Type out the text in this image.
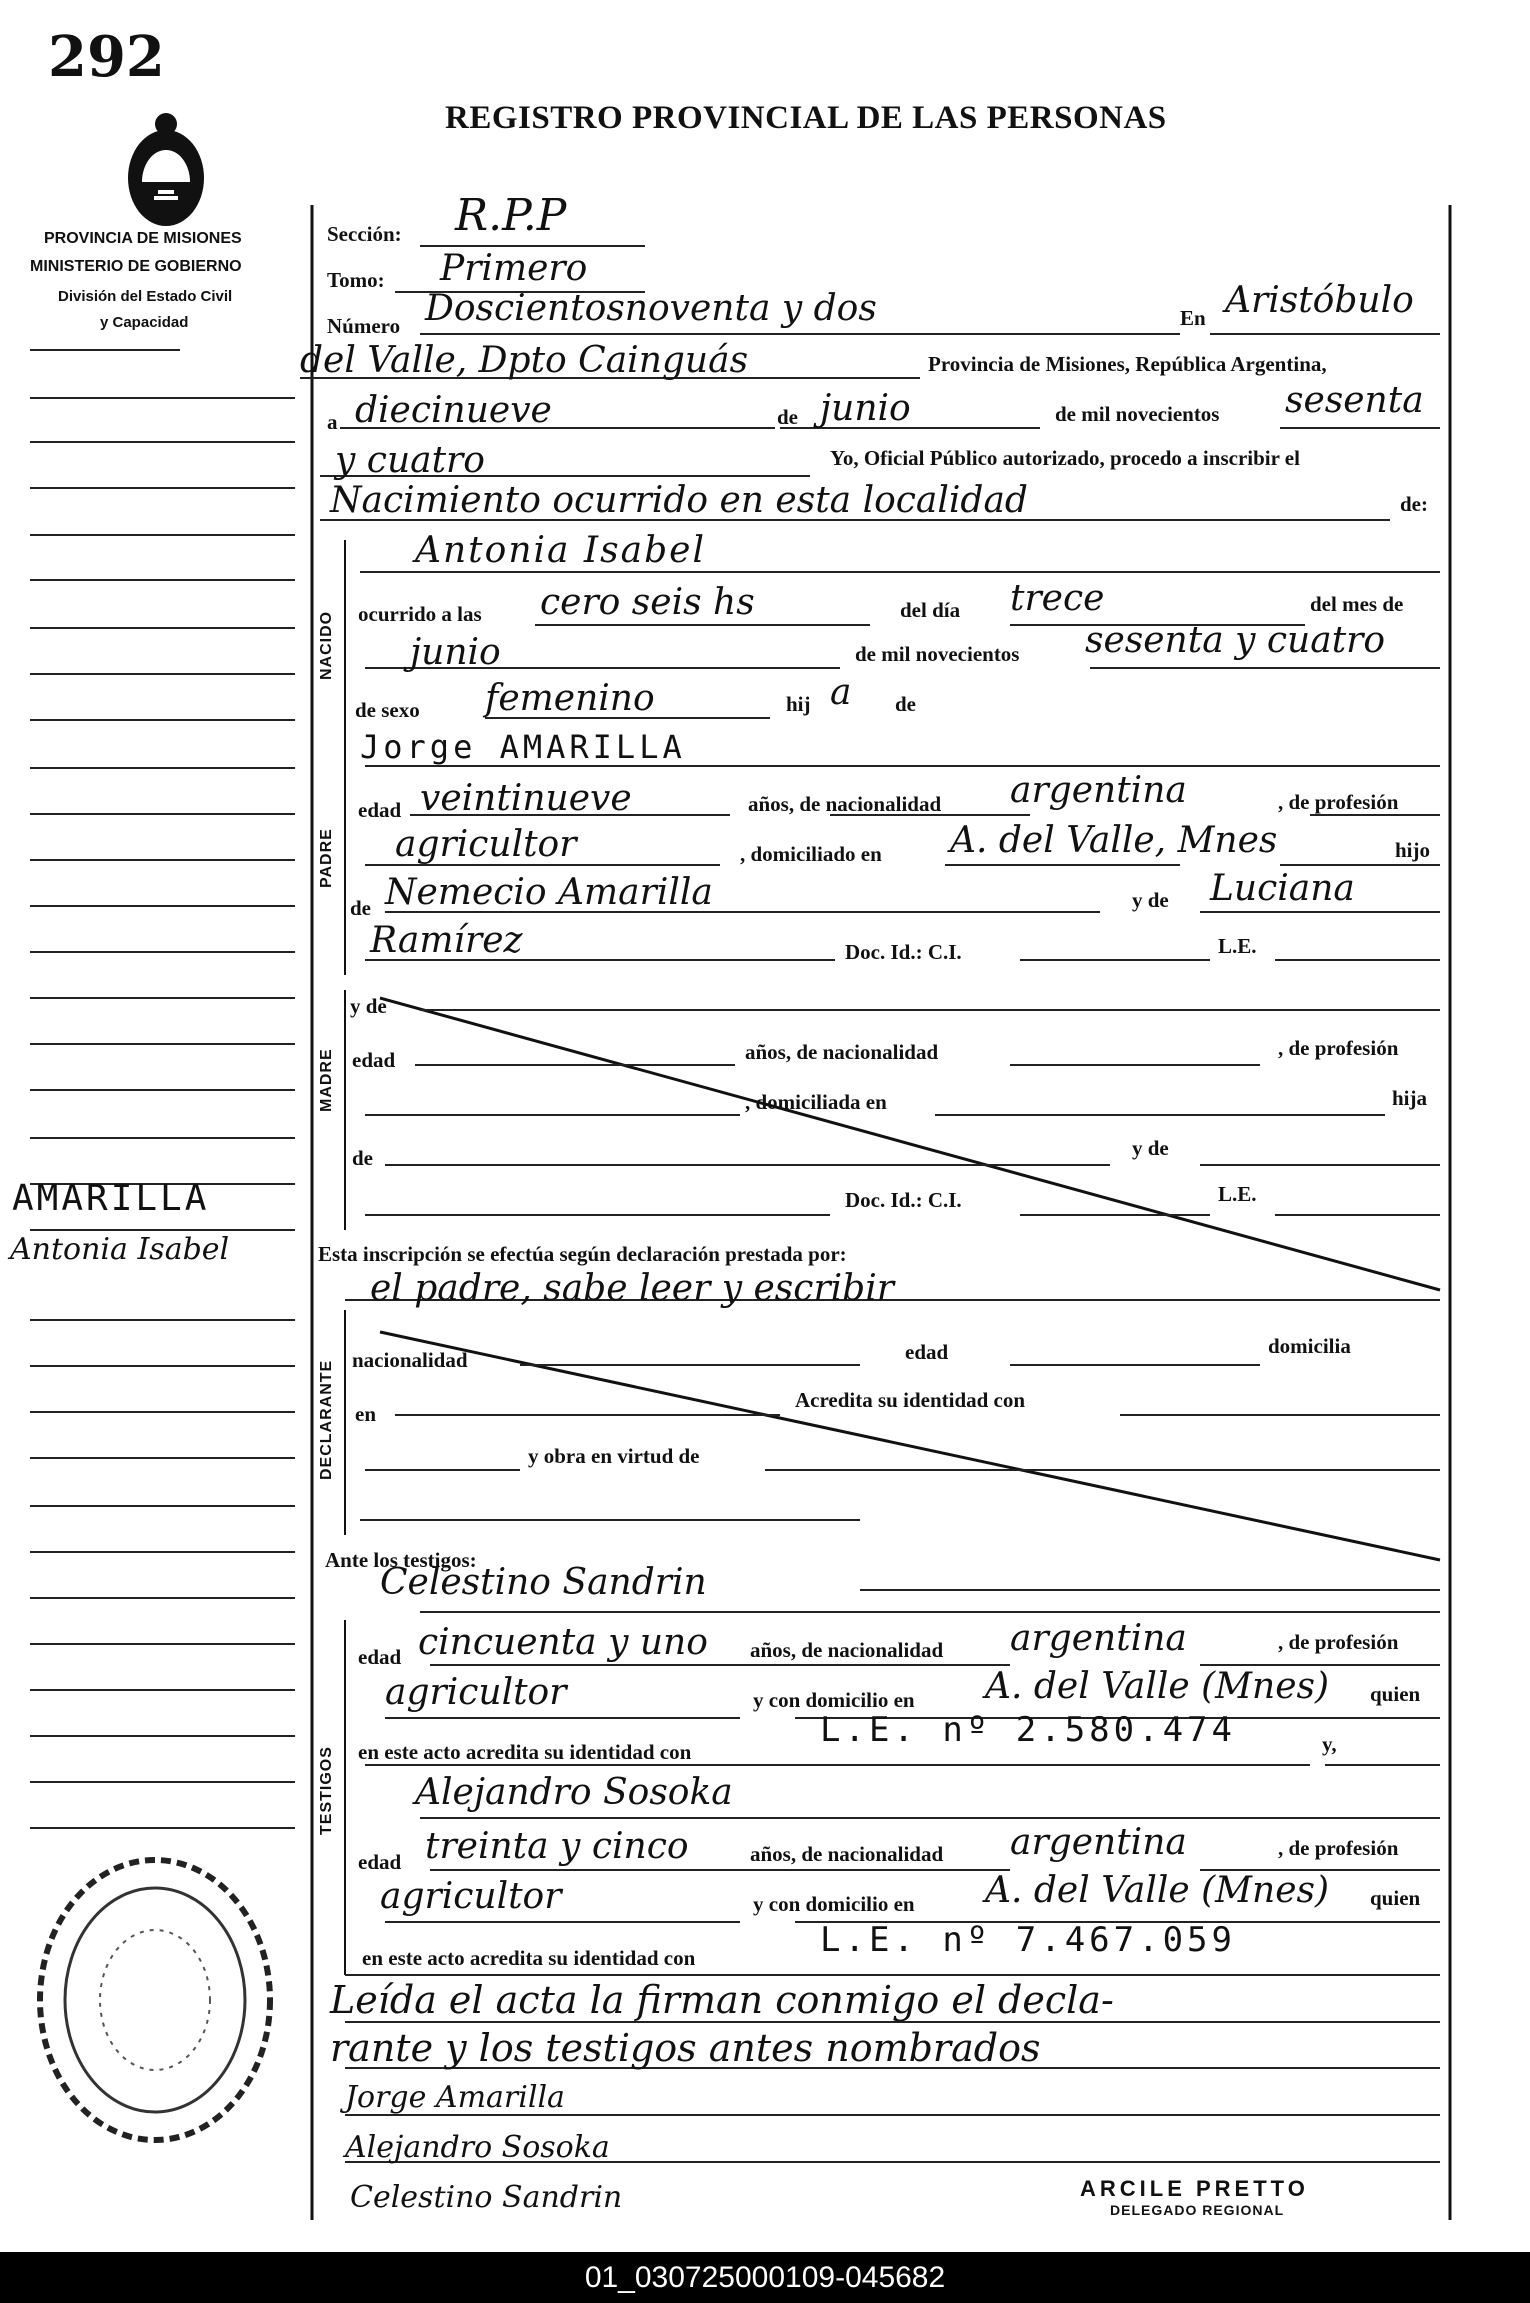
292
REGISTRO PROVINCIAL DE LAS PERSONAS
PROVINCIA DE MISIONES
MINISTERIO DE GOBIERNO
División del Estado Civil
y Capacidad
Sección: R.P.P
Tomo: Primero
Número Doscientosnoventa y dos	En Aristóbulo
del Valle, Dpto Cainguás	Provincia de Misiones, República Argentina,
a diecinueve	de junio	de mil novecientos sesenta
y cuatro	Yo, Oficial Público autorizado, procedo a inscribir el
Nacimiento ocurrido en esta localidad	de:
NACIDO
Antonia Isabel
ocurrido a las cero seis hs	del día trece	del mes de
junio	de mil novecientos sesenta y cuatro
de sexo femenino	hij a de
PADRE
Jorge AMARILLA
edad veintinueve	años, de nacionalidad argentina	, de profesión
agricultor	, domiciliado en A. del Valle, Mnes	hijo
de Nemecio Amarilla	y de Luciana
Ramírez	Doc. Id.: C.I.	L.E.
MADRE
y de
edad	años, de nacionalidad	, de profesión
, domiciliada en	hija
de	y de
Doc. Id.: C.I.	L.E.
Esta inscripción se efectúa según declaración prestada por:
el padre, sabe leer y escribir
DECLARANTE nacionalidad	edad	domicilia
en
Acredita su identidad con
y obra en virtud de
Ante los testigos:
Celestino Sandrin
TESTIGOS
edad cincuenta y uno años, de nacionalidad argentina	, de profesión
agricultor	y con domicilio en A. del Valle (Mnes) quien
en este acto acredita su identidad con
L.E. nº 2.580.474	y,
Alejandro Sosoka
edad treinta y cinco	años, de nacionalidad argentina	, de profesión
agricultor	y con domicilio en A. del Valle (Mnes) quien
en este acto acredita su identidad con	L.E. nº 7.467.059
Leída el acta la firman conmigo el decla-
rante y los testigos antes nombrados
Jorge Amarilla
Alejandro Sosoka
Celestino Sandrin	ARCILE PRETTO
DELEGADO REGIONAL
AMARILLA
Antonia Isabel
01_030725000109-045682
